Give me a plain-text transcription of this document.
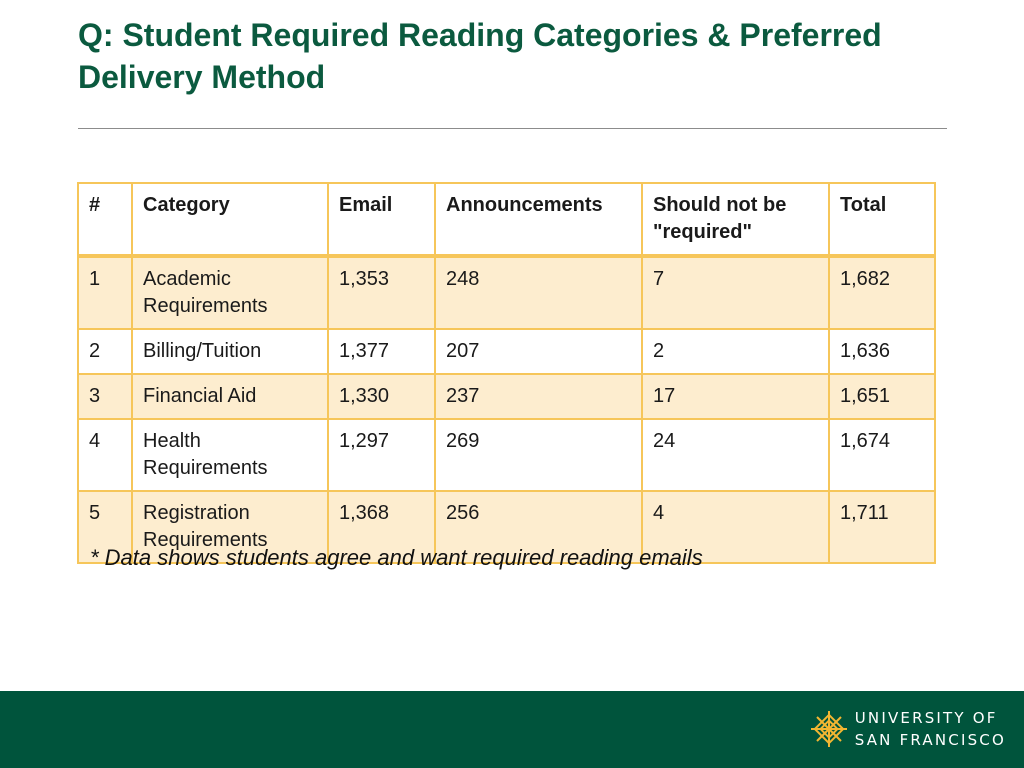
Q: Student Required Reading Categories & Preferred Delivery Method
#	Category	Email	Announcements	Should not be "required"	Total
1	Academic Requirements	1,353	248	7	1,682
2	Billing/Tuition	1,377	207	2	1,636
3	Financial Aid	1,330	237	17	1,651
4	Health Requirements	1,297	269	24	1,674
5	Registration Requirements	1,368	256	4	1,711
* Data shows students agree and want required reading emails
UNIVERSITY OF
SAN FRANCISCO
